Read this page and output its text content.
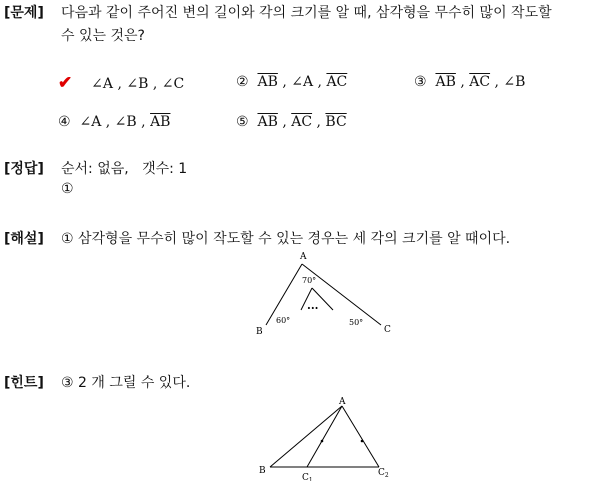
[문제] 다음과 같이 주어진 변의 길이와 각의 크기를 알 때, 삼각형을 무수히 많이 작도할
수 있는 것은?
✔ ∠A , ∠B , ∠C	② $\overline{AB}$ , ∠A , $\overline{AC}$	③ $\overline{AB}$ , $\overline{AC}$ , ∠B
④ ∠A , ∠B , $\overline{AB}$	⑤ $\overline{AB}$ , $\overline{AC}$ , $\overline{BC}$
[정답] 순서: 없음,   갯수: 1
①
[해설] ① 삼각형을 무수히 많이 작도할 수 있는 경우는 세 각의 크기를 알 때이다.
A
B	C
70°
60°	50°
...
[힌트] ③ 2 개 그릴 수 있다.
A
B
$C_1$
$C_2$
